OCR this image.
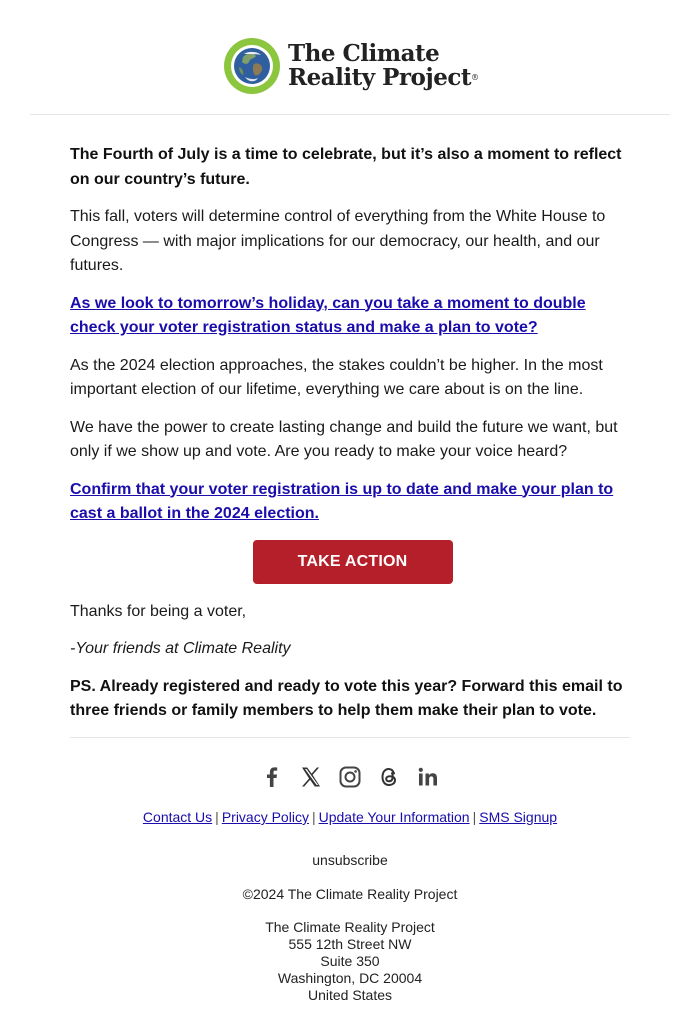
The Climate
Reality Project®

The Fourth of July is a time to celebrate, but it’s also a moment to reflect on our country’s future.

This fall, voters will determine control of everything from the White House to Congress — with major implications for our democracy, our health, and our futures.

As we look to tomorrow’s holiday, can you take a moment to double check your voter registration status and make a plan to vote?

As the 2024 election approaches, the stakes couldn’t be higher. In the most important election of our lifetime, everything we care about is on the line.

We have the power to create lasting change and build the future we want, but only if we show up and vote. Are you ready to make your voice heard?

Confirm that your voter registration is up to date and make your plan to cast a ballot in the 2024 election.

TAKE ACTION

Thanks for being a voter,

-Your friends at Climate Reality

PS. Already registered and ready to vote this year? Forward this email to three friends or family members to help them make their plan to vote.

Contact Us | Privacy Policy | Update Your Information | SMS Signup
unsubscribe
©2024 The Climate Reality Project
The Climate Reality Project
555 12th Street NW
Suite 350
Washington, DC 20004
United States
